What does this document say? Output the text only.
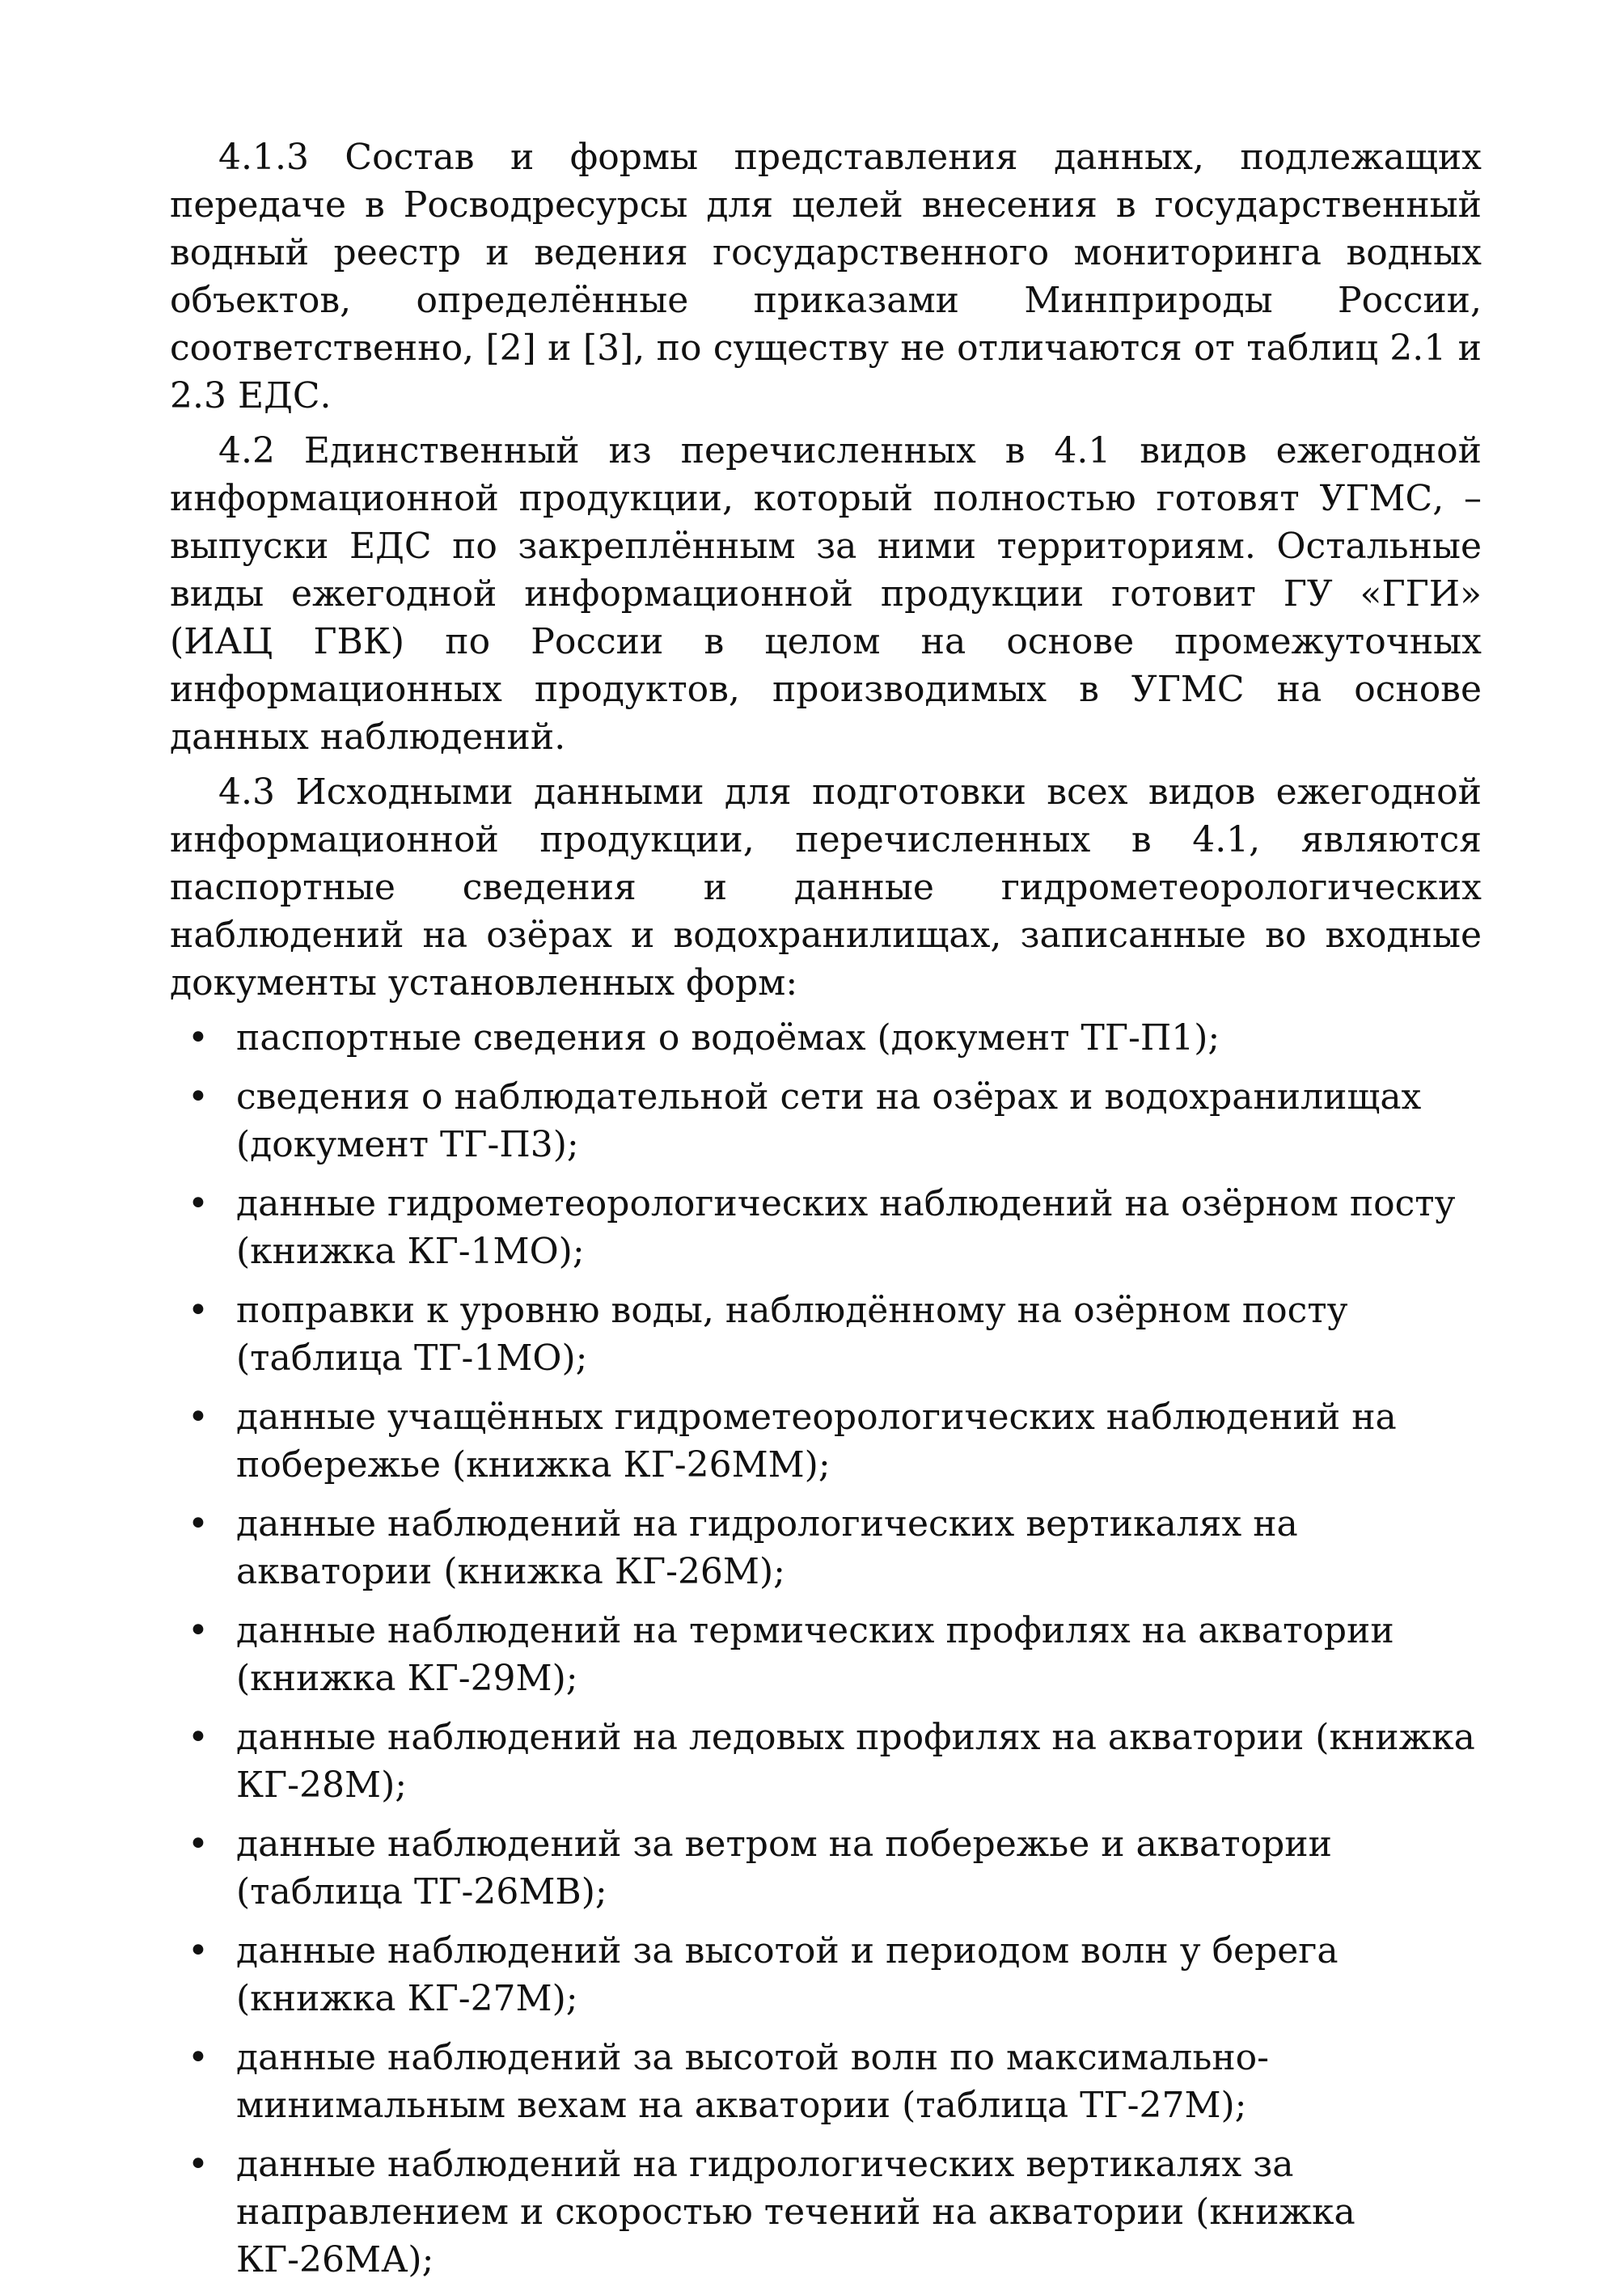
4.1.3 Состав и формы представления данных, подлежащих передаче в Росводресурсы для целей внесения в государственный водный реестр и ведения государственного мониторинга водных объектов, определённые приказами Минприроды России, соответственно, [2] и [3], по существу не отличаются от таблиц 2.1 и 2.3 ЕДС.

4.2 Единственный из перечисленных в 4.1 видов ежегодной информационной продукции, который полностью готовят УГМС, – выпуски ЕДС по закреплённым за ними территориям. Остальные виды ежегодной информационной продукции готовит ГУ «ГГИ» (ИАЦ ГВК) по России в целом на основе промежуточных информационных продуктов, производимых в УГМС на основе данных наблюдений.

4.3 Исходными данными для подготовки всех видов ежегодной информационной продукции, перечисленных в 4.1, являются паспортные сведения и данные гидрометеорологических наблюдений на озёрах и водохранилищах, записанные во входные документы установленных форм:

• паспортные сведения о водоёмах (документ ТГ-П1);
• сведения о наблюдательной сети на озёрах и водохранилищах (документ ТГ-П3);
• данные гидрометеорологических наблюдений на озёрном посту (книжка КГ-1МО);
• поправки к уровню воды, наблюдённому на озёрном посту (таблица ТГ-1МО);
• данные учащённых гидрометеорологических наблюдений на побережье (книжка КГ-26ММ);
• данные наблюдений на гидрологических вертикалях на акватории (книжка КГ-26М);
• данные наблюдений на термических профилях на акватории (книжка КГ-29М);
• данные наблюдений на ледовых профилях на акватории (книжка КГ-28М);
• данные наблюдений за ветром на побережье и акватории (таблица ТГ-26МВ);
• данные наблюдений за высотой и периодом волн у берега (книжка КГ-27М);
• данные наблюдений за высотой волн по максимально-минимальным вехам на акватории (таблица ТГ-27М);
• данные наблюдений на гидрологических вертикалях за направлением и скоростью течений на акватории (книжка КГ-26МА);
